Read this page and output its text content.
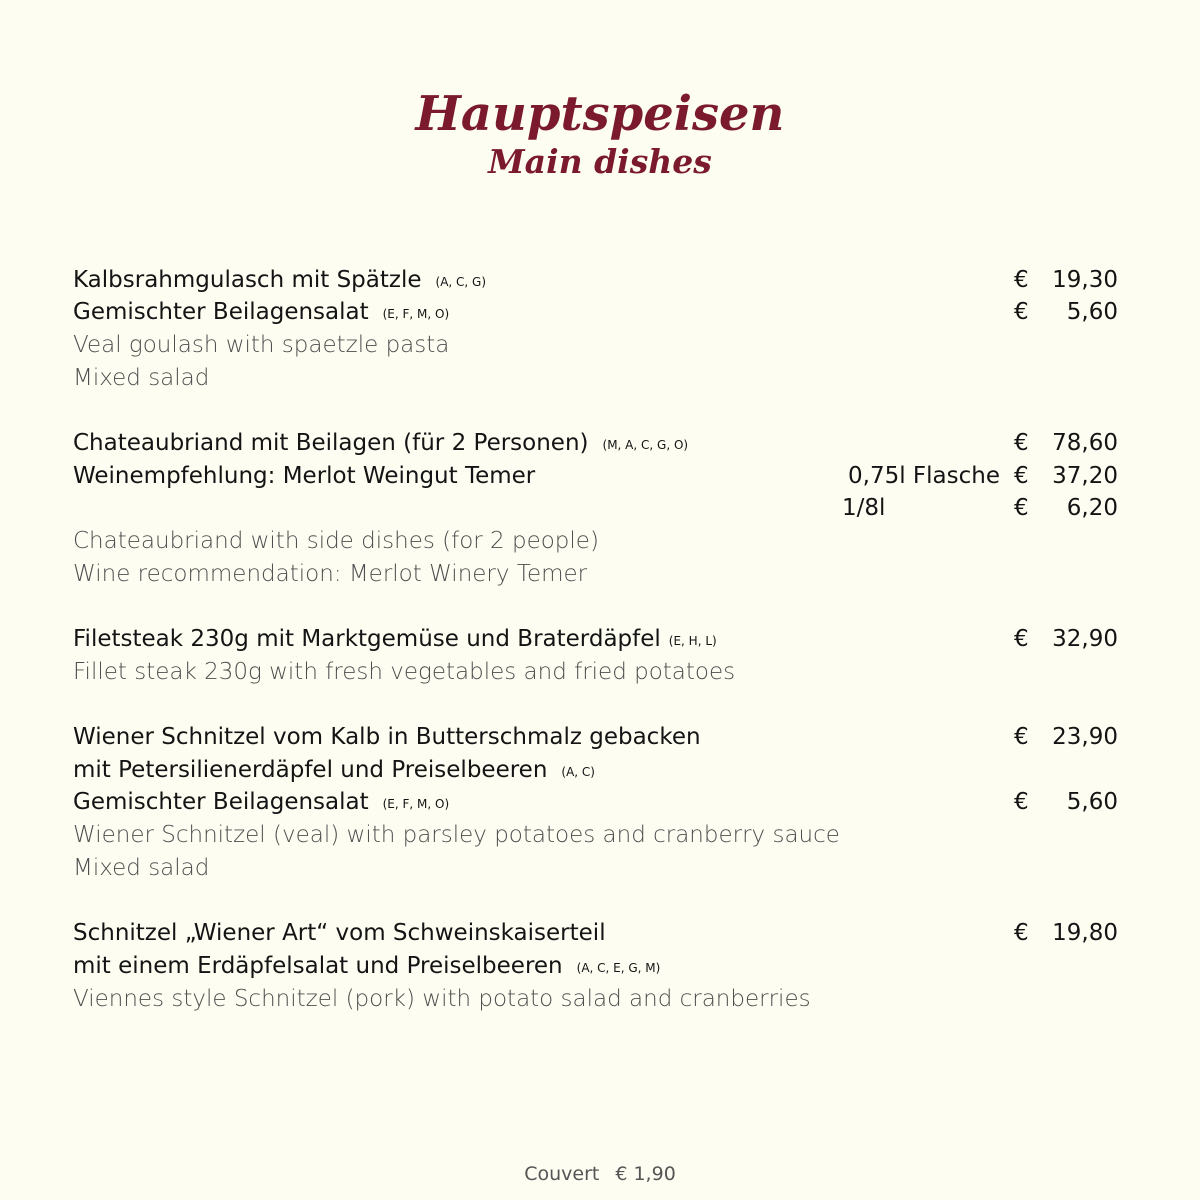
Hauptspeisen
Main dishes
Kalbsrahmgulasch mit Spätzle (A, C, G)	€ 19,30
Gemischter Beilagensalat (E, F, M, O)	€ 5,60
Veal goulash with spaetzle pasta
Mixed salad
Chateaubriand mit Beilagen (für 2 Personen) (M, A, C, G, O)	€ 78,60
Weinempfehlung: Merlot Weingut Temer	0,75l Flasche € 37,20
1/8l	€ 6,20
Chateaubriand with side dishes (for 2 people)
Wine recommendation: Merlot Winery Temer
Filetsteak 230g mit Marktgemüse und Braterdäpfel (E, H, L)	€ 32,90
Fillet steak 230g with fresh vegetables and fried potatoes
Wiener Schnitzel vom Kalb in Butterschmalz gebacken	€ 23,90
mit Petersilienerdäpfel und Preiselbeeren (A, C)
Gemischter Beilagensalat (E, F, M, O)	€ 5,60
Wiener Schnitzel (veal) with parsley potatoes and cranberry sauce
Mixed salad
Schnitzel „Wiener Art“ vom Schweinskaiserteil	€ 19,80
mit einem Erdäpfelsalat und Preiselbeeren (A, C, E, G, M)
Viennes style Schnitzel (pork) with potato salad and cranberries
Couvert € 1,90
